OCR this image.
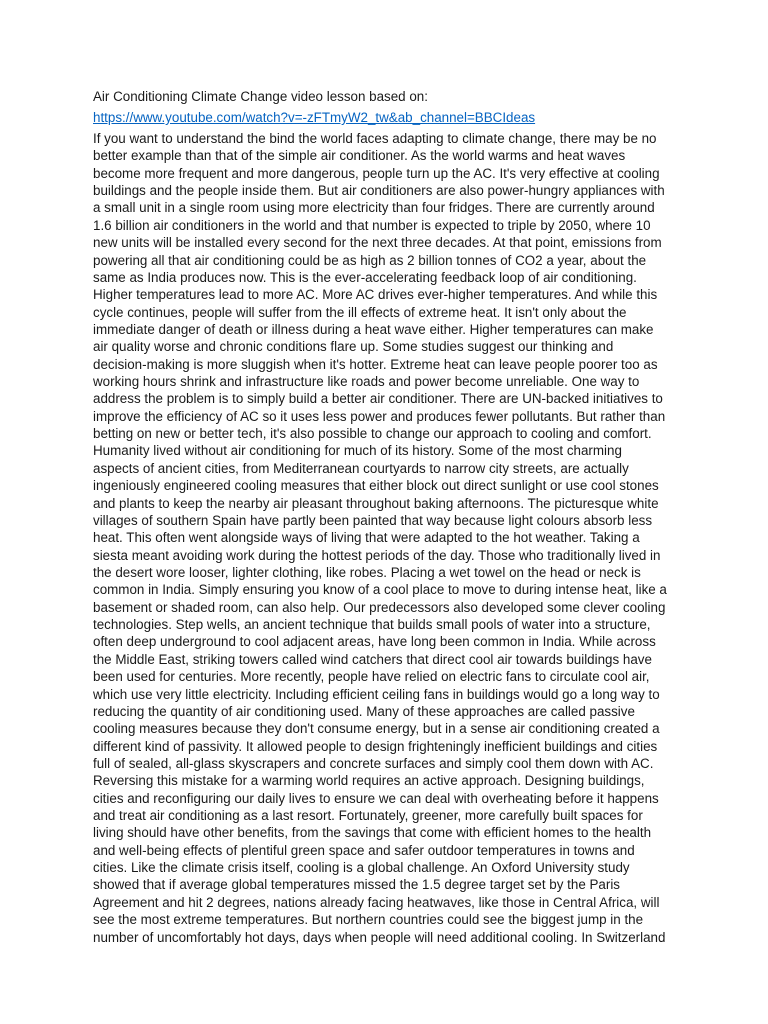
Air Conditioning Climate Change video lesson based on:
https://www.youtube.com/watch?v=-zFTmyW2_tw&ab_channel=BBCIdeas
If you want to understand the bind the world faces adapting to climate change, there may be no
better example than that of the simple air conditioner. As the world warms and heat waves
become more frequent and more dangerous, people turn up the AC. It's very effective at cooling
buildings and the people inside them. But air conditioners are also power-hungry appliances with
a small unit in a single room using more electricity than four fridges. There are currently around
1.6 billion air conditioners in the world and that number is expected to triple by 2050, where 10
new units will be installed every second for the next three decades. At that point, emissions from
powering all that air conditioning could be as high as 2 billion tonnes of CO2 a year, about the
same as India produces now. This is the ever-accelerating feedback loop of air conditioning.
Higher temperatures lead to more AC. More AC drives ever-higher temperatures. And while this
cycle continues, people will suffer from the ill effects of extreme heat. It isn't only about the
immediate danger of death or illness during a heat wave either. Higher temperatures can make
air quality worse and chronic conditions flare up. Some studies suggest our thinking and
decision-making is more sluggish when it's hotter. Extreme heat can leave people poorer too as
working hours shrink and infrastructure like roads and power become unreliable. One way to
address the problem is to simply build a better air conditioner. There are UN-backed initiatives to
improve the efficiency of AC so it uses less power and produces fewer pollutants. But rather than
betting on new or better tech, it's also possible to change our approach to cooling and comfort.
Humanity lived without air conditioning for much of its history. Some of the most charming
aspects of ancient cities, from Mediterranean courtyards to narrow city streets, are actually
ingeniously engineered cooling measures that either block out direct sunlight or use cool stones
and plants to keep the nearby air pleasant throughout baking afternoons. The picturesque white
villages of southern Spain have partly been painted that way because light colours absorb less
heat. This often went alongside ways of living that were adapted to the hot weather. Taking a
siesta meant avoiding work during the hottest periods of the day. Those who traditionally lived in
the desert wore looser, lighter clothing, like robes. Placing a wet towel on the head or neck is
common in India. Simply ensuring you know of a cool place to move to during intense heat, like a
basement or shaded room, can also help. Our predecessors also developed some clever cooling
technologies. Step wells, an ancient technique that builds small pools of water into a structure,
often deep underground to cool adjacent areas, have long been common in India. While across
the Middle East, striking towers called wind catchers that direct cool air towards buildings have
been used for centuries. More recently, people have relied on electric fans to circulate cool air,
which use very little electricity. Including efficient ceiling fans in buildings would go a long way to
reducing the quantity of air conditioning used. Many of these approaches are called passive
cooling measures because they don't consume energy, but in a sense air conditioning created a
different kind of passivity. It allowed people to design frighteningly inefficient buildings and cities
full of sealed, all-glass skyscrapers and concrete surfaces and simply cool them down with AC.
Reversing this mistake for a warming world requires an active approach. Designing buildings,
cities and reconfiguring our daily lives to ensure we can deal with overheating before it happens
and treat air conditioning as a last resort. Fortunately, greener, more carefully built spaces for
living should have other benefits, from the savings that come with efficient homes to the health
and well-being effects of plentiful green space and safer outdoor temperatures in towns and
cities. Like the climate crisis itself, cooling is a global challenge. An Oxford University study
showed that if average global temperatures missed the 1.5 degree target set by the Paris
Agreement and hit 2 degrees, nations already facing heatwaves, like those in Central Africa, will
see the most extreme temperatures. But northern countries could see the biggest jump in the
number of uncomfortably hot days, days when people will need additional cooling. In Switzerland
